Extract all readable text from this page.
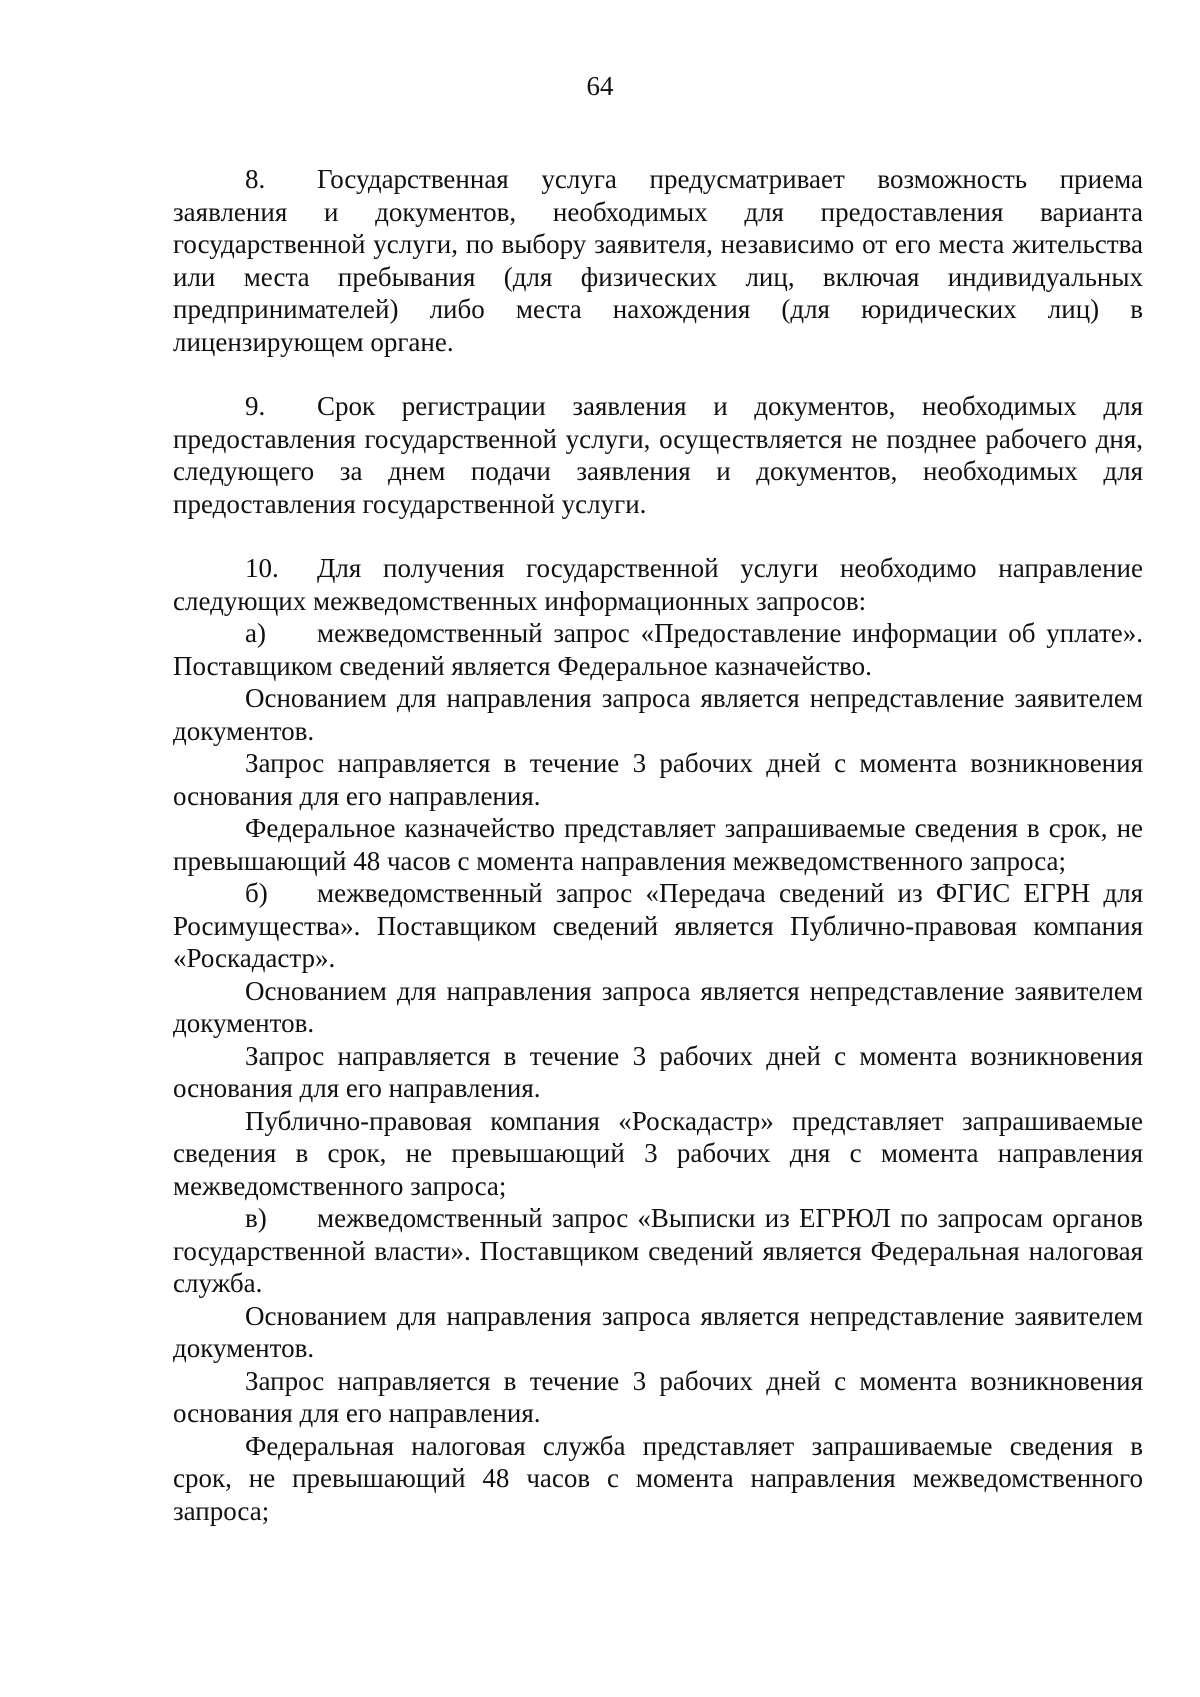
64

8. Государственная услуга предусматривает возможность приема заявления и документов, необходимых для предоставления варианта государственной услуги, по выбору заявителя, независимо от его места жительства или места пребывания (для физических лиц, включая индивидуальных предпринимателей) либо места нахождения (для юридических лиц) в лицензирующем органе.

9. Срок регистрации заявления и документов, необходимых для предоставления государственной услуги, осуществляется не позднее рабочего дня, следующего за днем подачи заявления и документов, необходимых для предоставления государственной услуги.

10. Для получения государственной услуги необходимо направление следующих межведомственных информационных запросов:

а) межведомственный запрос «Предоставление информации об уплате». Поставщиком сведений является Федеральное казначейство.

Основанием для направления запроса является непредставление заявителем документов.

Запрос направляется в течение 3 рабочих дней с момента возникновения основания для его направления.

Федеральное казначейство представляет запрашиваемые сведения в срок, не превышающий 48 часов с момента направления межведомственного запроса;

б) межведомственный запрос «Передача сведений из ФГИС ЕГРН для Росимущества». Поставщиком сведений является Публично-правовая компания «Роскадастр».

Основанием для направления запроса является непредставление заявителем документов.

Запрос направляется в течение 3 рабочих дней с момента возникновения основания для его направления.

Публично-правовая компания «Роскадастр» представляет запрашиваемые сведения в срок, не превышающий 3 рабочих дня с момента направления межведомственного запроса;

в) межведомственный запрос «Выписки из ЕГРЮЛ по запросам органов государственной власти». Поставщиком сведений является Федеральная налоговая служба.

Основанием для направления запроса является непредставление заявителем документов.

Запрос направляется в течение 3 рабочих дней с момента возникновения основания для его направления.

Федеральная налоговая служба представляет запрашиваемые сведения в срок, не превышающий 48 часов с момента направления межведомственного запроса;
